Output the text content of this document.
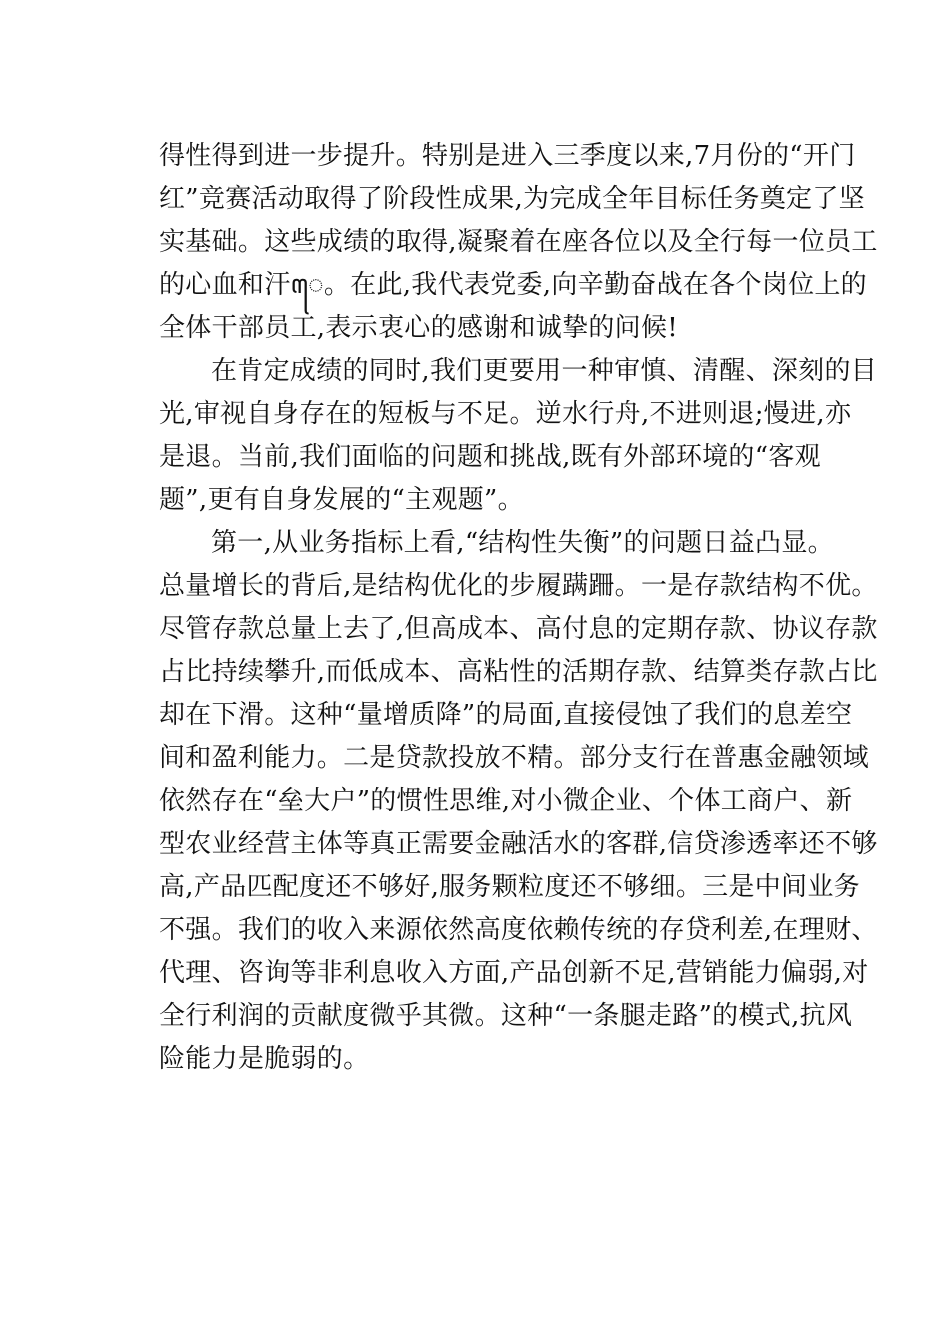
得性得到进一步提升。特别是进入三季度以来,7月份的“开门
红”竞赛活动取得了阶段性成果,为完成全年目标任务奠定了坚
实基础。这些成绩的取得,凝聚着在座各位以及全行每一位员工
的心血和汗ꦺ。在此,我代表党委,向辛勤奋战在各个岗位上的
全体干部员工,表示衷心的感谢和诚挚的问候!
在肯定成绩的同时,我们更要用一种审慎、清醒、深刻的目
光,审视自身存在的短板与不足。逆水行舟,不进则退;慢进,亦
是退。当前,我们面临的问题和挑战,既有外部环境的“客观
题”,更有自身发展的“主观题”。
第一,从业务指标上看,“结构性失衡”的问题日益凸显。
总量增长的背后,是结构优化的步履蹒跚。一是存款结构不优。
尽管存款总量上去了,但高成本、高付息的定期存款、协议存款
占比持续攀升,而低成本、高粘性的活期存款、结算类存款占比
却在下滑。这种“量增质降”的局面,直接侵蚀了我们的息差空
间和盈利能力。二是贷款投放不精。部分支行在普惠金融领域
依然存在“垒大户”的惯性思维,对小微企业、个体工商户、新
型农业经营主体等真正需要金融活水的客群,信贷渗透率还不够
高,产品匹配度还不够好,服务颗粒度还不够细。三是中间业务
不强。我们的收入来源依然高度依赖传统的存贷利差,在理财、
代理、咨询等非利息收入方面,产品创新不足,营销能力偏弱,对
全行利润的贡献度微乎其微。这种“一条腿走路”的模式,抗风
险能力是脆弱的。
